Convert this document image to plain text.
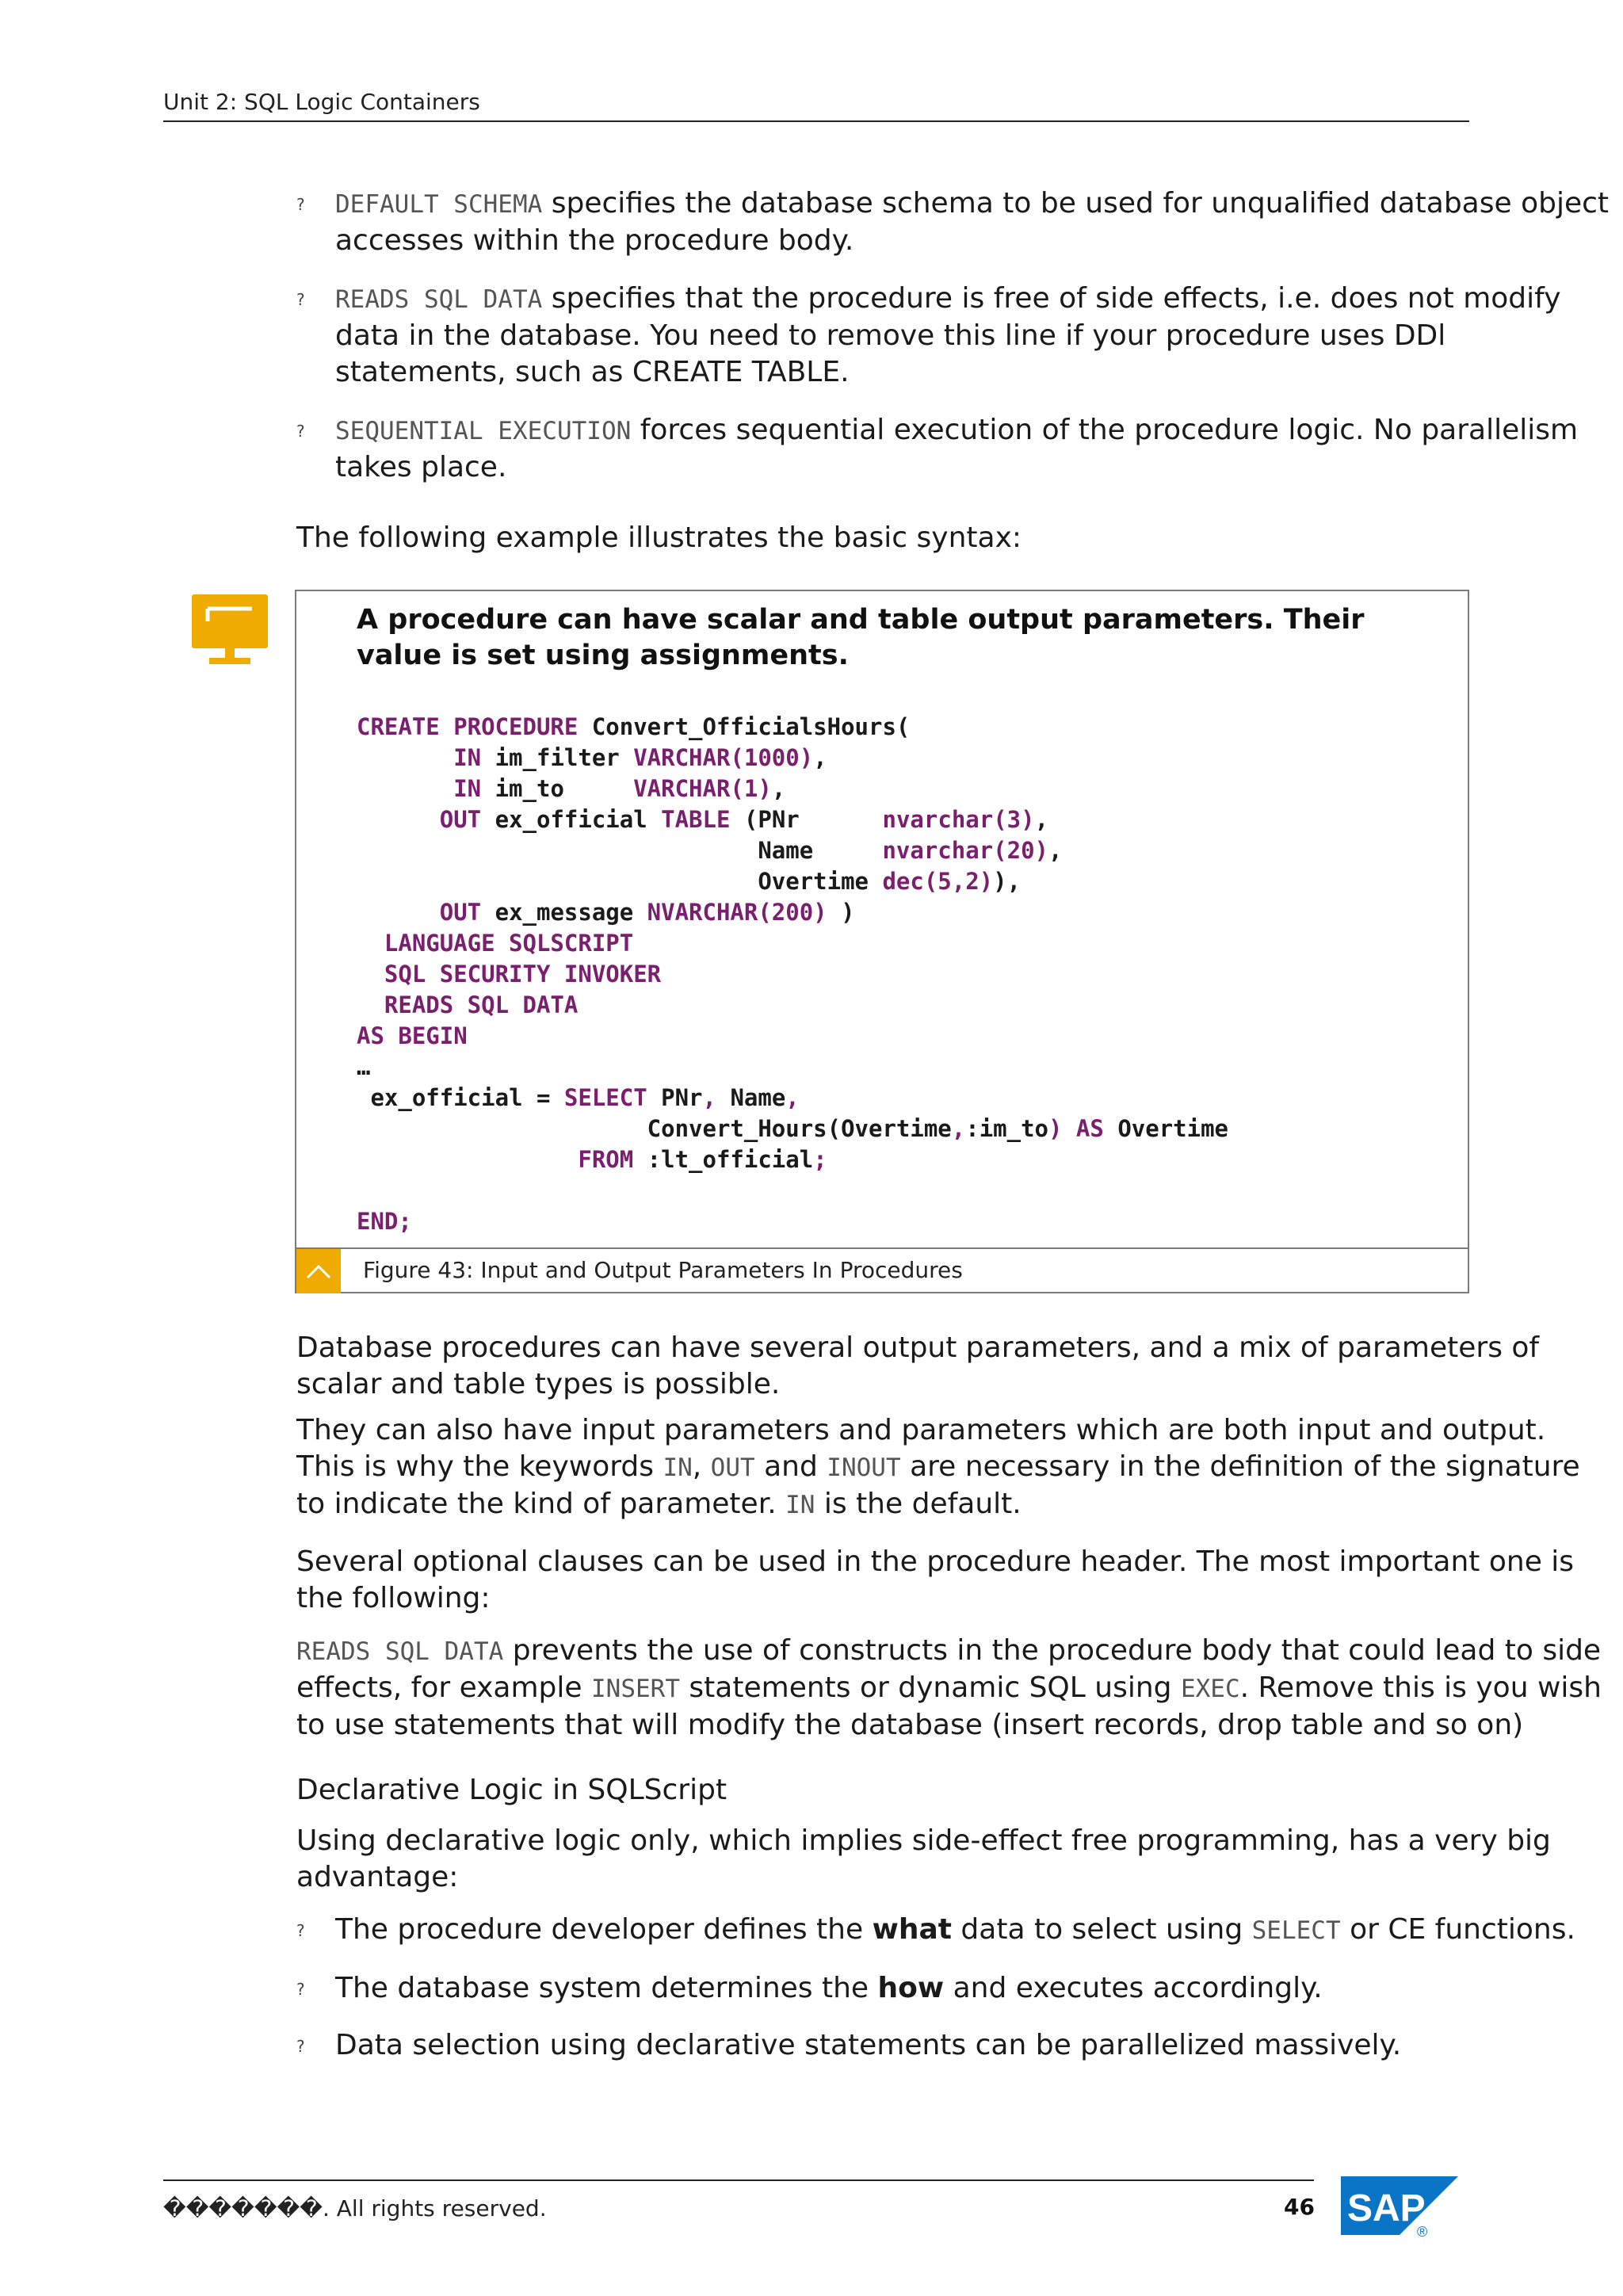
Unit 2: SQL Logic Containers
? DEFAULT SCHEMA specifies the database schema to be used for unqualified database object accesses within the procedure body.
? READS SQL DATA specifies that the procedure is free of side effects, i.e. does not modify data in the database. You need to remove this line if your procedure uses DDl statements, such as CREATE TABLE.
? SEQUENTIAL EXECUTION forces sequential execution of the procedure logic. No parallelism takes place.
The following example illustrates the basic syntax:
A procedure can have scalar and table output parameters. Their value is set using assignments.
CREATE PROCEDURE Convert_OfficialsHours(
IN im_filter VARCHAR(1000),
IN im_to     VARCHAR(1),
OUT ex_official TABLE (PNr      nvarchar(3),
Name     nvarchar(20),
Overtime dec(5,2)),
OUT ex_message NVARCHAR(200) )
LANGUAGE SQLSCRIPT
SQL SECURITY INVOKER
READS SQL DATA
AS BEGIN
…
ex_official = SELECT PNr, Name,
Convert_Hours(Overtime,:im_to) AS Overtime
FROM :lt_official;

END;
Figure 43: Input and Output Parameters In Procedures
Database procedures can have several output parameters, and a mix of parameters of scalar and table types is possible.
They can also have input parameters and parameters which are both input and output. This is why the keywords IN, OUT and INOUT are necessary in the definition of the signature to indicate the kind of parameter. IN is the default.
Several optional clauses can be used in the procedure header. The most important one is the following:
READS SQL DATA prevents the use of constructs in the procedure body that could lead to side effects, for example INSERT statements or dynamic SQL using EXEC. Remove this is you wish to use statements that will modify the database (insert records, drop table and so on)
Declarative Logic in SQLScript
Using declarative logic only, which implies side-effect free programming, has a very big advantage:
? The procedure developer defines the what data to select using SELECT or CE functions.
? The database system determines the how and executes accordingly.
? Data selection using declarative statements can be parallelized massively.
�������. All rights reserved.	46 SAP
®
